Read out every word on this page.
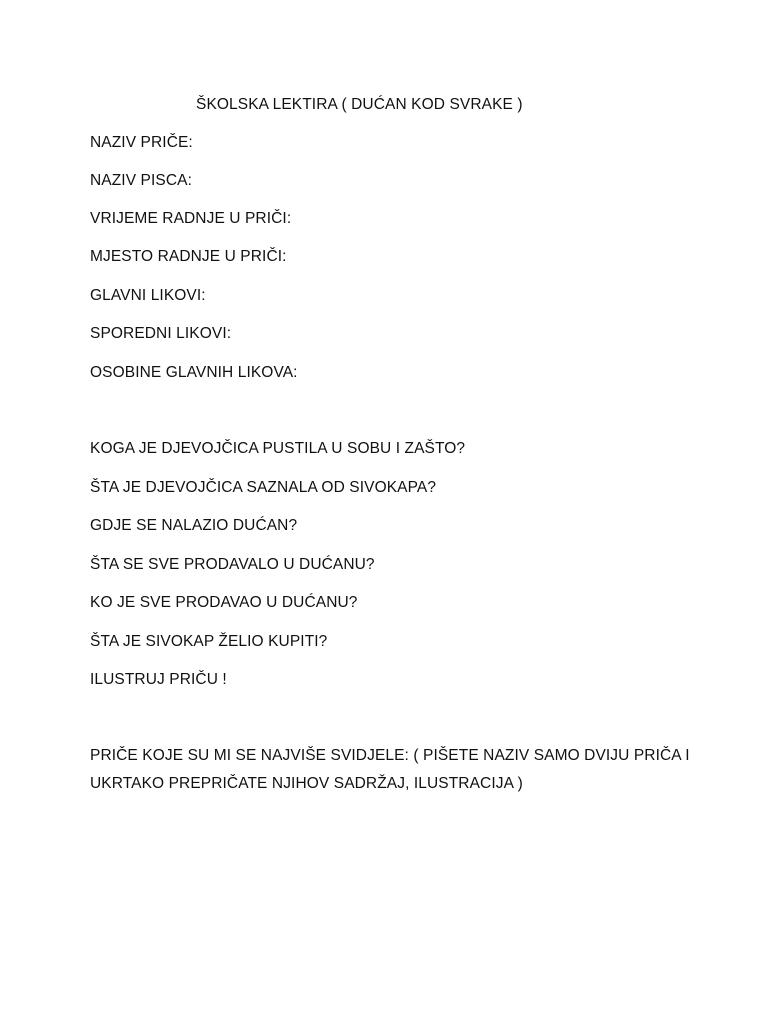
ŠKOLSKA LEKTIRA ( DUĆAN KOD SVRAKE )
NAZIV PRIČE:
NAZIV PISCA:
VRIJEME RADNJE U PRIČI:
MJESTO RADNJE U PRIČI:
GLAVNI LIKOVI:
SPOREDNI LIKOVI:
OSOBINE GLAVNIH LIKOVA:
KOGA JE DJEVOJČICA PUSTILA U SOBU I ZAŠTO?
ŠTA JE DJEVOJČICA SAZNALA OD SIVOKAPA?
GDJE SE NALAZIO DUĆAN?
ŠTA SE SVE PRODAVALO U DUĆANU?
KO JE SVE PRODAVAO U DUĆANU?
ŠTA JE SIVOKAP ŽELIO KUPITI?
ILUSTRUJ PRIČU !
PRIČE KOJE SU MI SE NAJVIŠE SVIDJELE: ( PIŠETE NAZIV SAMO DVIJU PRIČA I
UKRTAKO PREPRIČATE NJIHOV SADRŽAJ, ILUSTRACIJA )
